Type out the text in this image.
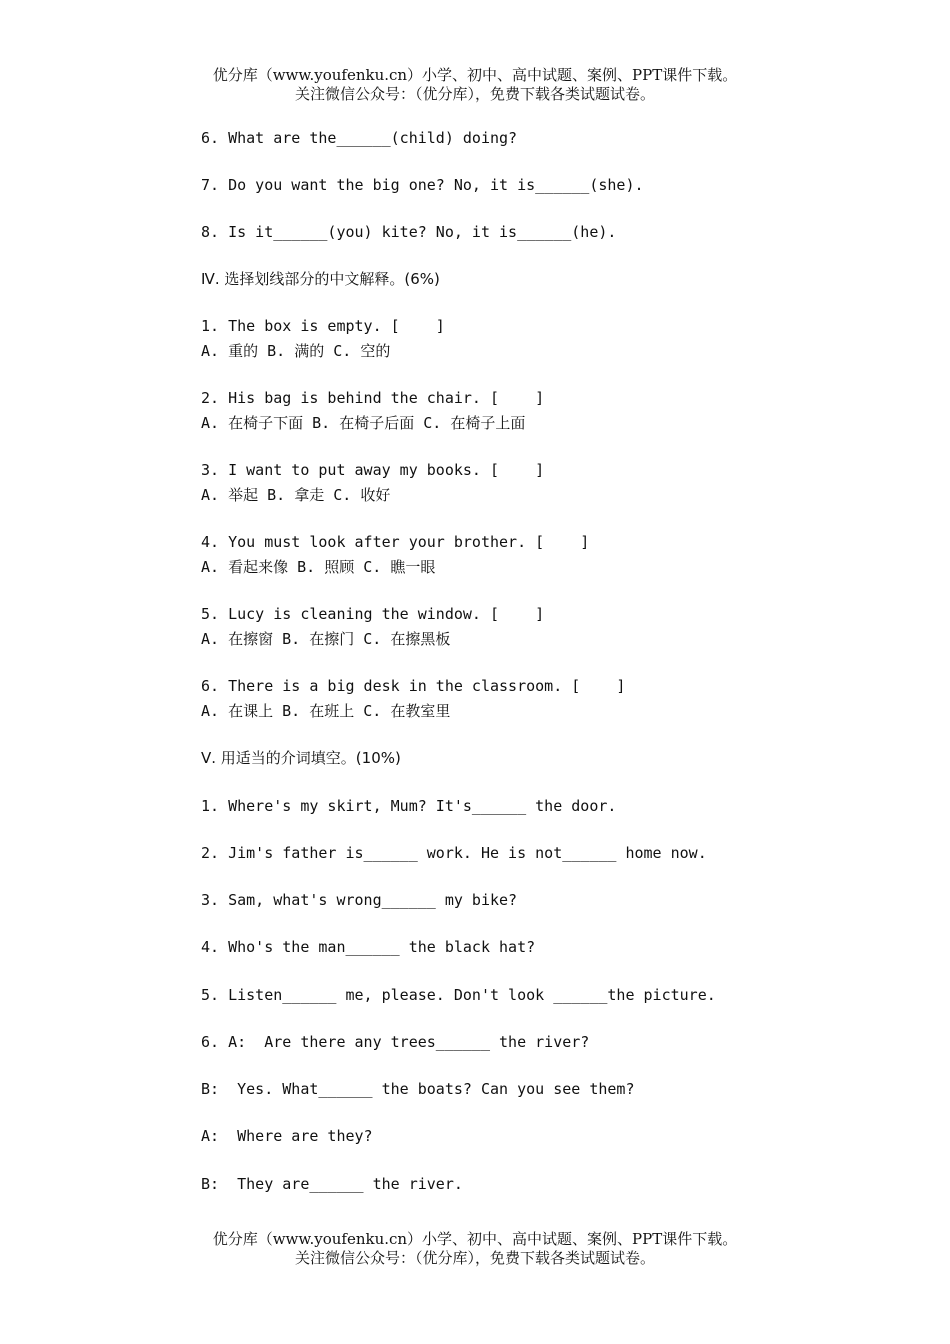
优分库（www.youfenku.cn）小学、初中、高中试题、案例、PPT课件下载。
关注微信公众号：（优分库），免费下载各类试题试卷。
6. What are the______(child) doing?
7. Do you want the big one? No, it is______(she).
8. Is it______(you) kite? No, it is______(he).
Ⅳ. 选择划线部分的中文解释。(6%)
1. The box is empty. [    ]
A. 重的 B. 满的 C. 空的
2. His bag is behind the chair. [    ]
A. 在椅子下面 B. 在椅子后面 C. 在椅子上面
3. I want to put away my books. [    ]
A. 举起 B. 拿走 C. 收好
4. You must look after your brother. [    ]
A. 看起来像 B. 照顾 C. 瞧一眼
5. Lucy is cleaning the window. [    ]
A. 在擦窗 B. 在擦门 C. 在擦黑板
6. There is a big desk in the classroom. [    ]
A. 在课上 B. 在班上 C. 在教室里
Ⅴ. 用适当的介词填空。(10%)
1. Where's my skirt, Mum? It's______ the door.
2. Jim's father is______ work. He is not______ home now.
3. Sam, what's wrong______ my bike?
4. Who's the man______ the black hat?
5. Listen______ me, please. Don't look ______the picture.
6. A:  Are there any trees______ the river?
B:  Yes. What______ the boats? Can you see them?
A:  Where are they?
B:  They are______ the river.
优分库（www.youfenku.cn）小学、初中、高中试题、案例、PPT课件下载。
关注微信公众号：（优分库），免费下载各类试题试卷。
